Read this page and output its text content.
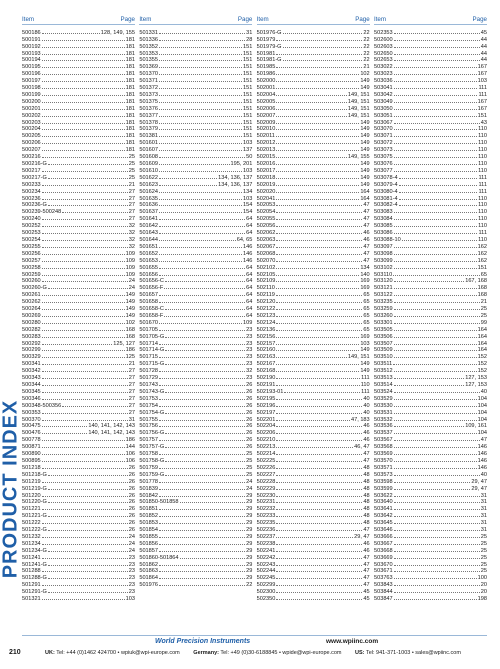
PRODUCT INDEX
Item	Page
500186	128, 149, 155
500191	181
500192	181
500193	181
500194	181
500195	181
500196	181
500197	181
500198	181
500199	181
500200	181
500201	181
500202	181
500203	181
500204	181
500205	181
500206	181
500207	181
500216	25
500216-G	25
500217	25
500217-G	25
500233	21
500234	27
500236	27
500236-G	27
500239-500248	27
500240	27
500252	32
500253	32
500254	32
500255	32
500256	109
500257	109
500258	109
500259	109
500260	24
500260-G	24
500261	149
500262	149
500264	149
500269	149
500280	102
500282	168
500283	168
500292	125, 127
500299	186
500329	125
500341	21
500342	27
500343	27
500344	27
500345	27
500346	27
500348-500356	27
500353	27
500370	31
500475	140, 141, 142, 143
500476	140, 141, 142, 143
500778	186
500871	144
500890	106
500895	106
501218	26
501218-G	26
501219	26
501219-G	26
501220	26
501220-G	26
501221	26
501221-G	26
501222	26
501222-G	26
501232	24
501234	24
501234-G	24
501241	23
501241-G	23
501288	23
501288-G	23
501291	23
501291-G	23
501321	103
Item	Page
501331	31
501336	28
501352	151
501353	151
501355	151
501369	151
501370	151
501371	151
501372	151
501373	151
501375	151
501376	151
501377	151
501378	151
501379	151
501381	151
501601	103
501607	137
501608	50
501609	195, 201
501610	103
501622	134, 136, 137
501623	134, 136, 137
501624	134
501635	103
501636	154
501637	154
501641	64
501642	64
501643	64
501644	64, 65
501651	146
501652	146
501653	146
501655	64
501656	64
501656-C	64
501656-F	64
501657	64
501658	64
501658-C	64
501658-F	64
501670	109
501705	23
501705-G	23
501714	23
501714-G	23
501715	23
501715-G	23
501728	32
501729	23
501743	26
501743-G	26
501753	26
501754	26
501754-G	26
501755	26
501756	26
501756-G	26
501757	26
501757-G	26
501758	25
501758-G	25
501759	25
501759-G	25
501778	24
501839	24
501842	29
501850-501858	29
501851	29
501852	29
501853	29
501854	29
501855	29
501856	29
501857	29
501860-501864	29
501862	29
501863	29
501864	29
501976	22
Item	Page
501976-G	22
501979	22
501979-G	22
501981	22
501981-G	22
501985	21
501986	102
502000	149
502001	149
502004	149, 151
502005	149, 151
502006	149, 151
502007	149, 151
502009	149
502010	149
502011	149
502012	149
502013	149
502015	149, 155
502016	149
502017	149
502018	149
502019	149
502020	164
502041	164
502053	47
502054	47
502055	47
502056	47
502062	46
502063	46
502067	47
502068	47
502070	47
502102	134
502105	140
502109	169
502110	169
502119	65
502120	65
502122	65
502123	65
502124	65
502136	65
502156	169
502157	103
502160	149
502163	149, 151
502167	149
502168	149
502190	111
502191	110
502193-01	111
502195	40
502196	40
502197	40
502201	47, 183
502204	46
502206	46
502210	46
502213	46, 47
502214	47
502225	47
502226	48
502227	48
502228	48
502229	48
502230	48
502231	48
502232	48
502233	48
502235	48
502236	47
502237	29, 47
502238	46
502241	46
502242	47
502243	47
502244	47
502245	47
502299	47
502300	45
502350	45
Item	Page
502353	45
502600	44
502603	44
502650	44
502653	44
503022	167
503023	167
503036	103
503041	111
503042	111
503049	167
503050	167
503051	151
503067	43
503070	110
503071	110
503072	110
503073	110
503075	110
503076	110
503077	110
503078-4	111
503079-4	111
503080-4	111
503081-4	110
503082-4	110
503083	110
503084	110
503085	110
503086	111
503088-10	110
503097	162
503098	162
503099	162
503102	151
503110	65
503120	167, 168
503121	168
503122	168
503235	21
503259	25
503260	25
503301	99
503505	164
503506	164
503507	164
503509	164
503510	152
503511	152
503512	152
503513	127, 153
503514	127, 153
503524	40
503529	104
503530	104
503531	104
503532	104
503536	109, 161
503537	104
503567	47
503568	146
503569	146
503570	146
503571	146
503573	40
503598	29, 47
503599	29, 47
503622	31
503640	31
503641	31
503642	31
503645	31
503646	31
503666	25
503667	25
503668	25
503669	25
503670	25
503671	25
503763	100
503843	20
503844	20
503847	198
210
World Precision Instruments	www.wpiinc.com
UK: Tel: +44 (0)1462 424700 • wpiuk@wpi-europe.com Germany: Tel: +49 (0)30-6188845 • wpide@wpi-europe.com US: Tel: 941-371-1003 • sales@wpiinc.com
